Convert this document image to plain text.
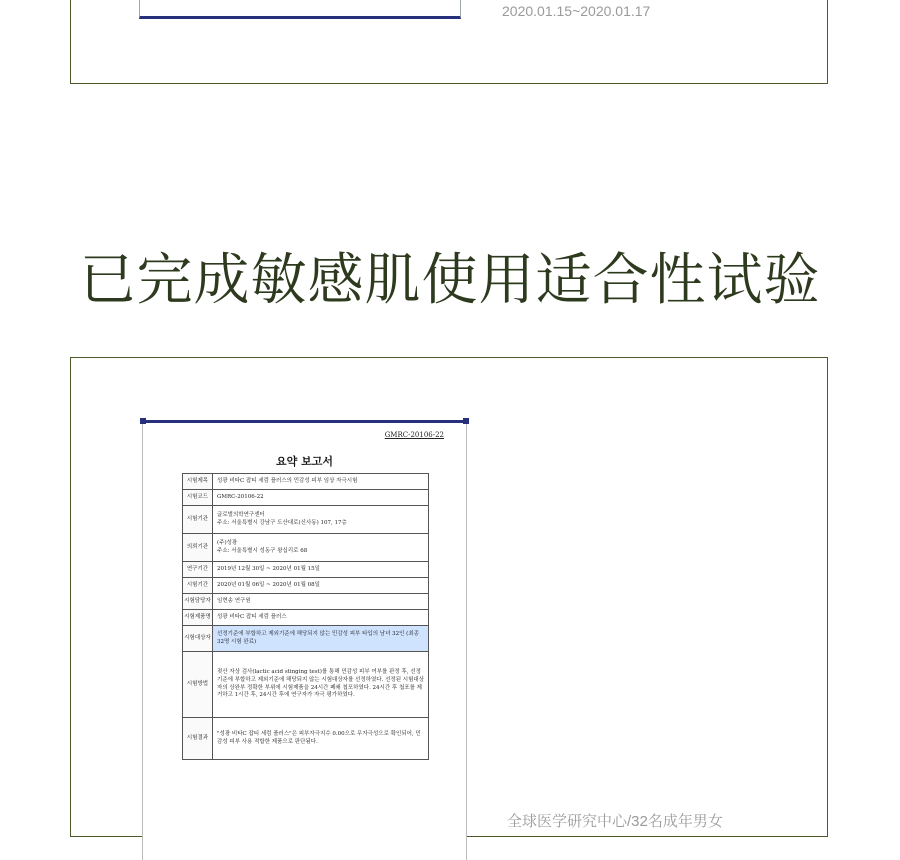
2020.01.15~2020.01.17
已完成敏感肌使用适合性试验
GMRC-20106-22
요약 보고서
시험제목	성광 비타C 잡티 세럼 플러스의 민감성 피부 임상 자극시험
시험코드	GMRC-20106-22
시험기관	글로벌의학연구센터
주소: 서울특별시 강남구 도산대로(신사동) 107, 17층

의뢰기관	(주)성광
주소: 서울특별시 성동구 왕십리로 68

연구기간	2019년 12월 30일 ~ 2020년 01월 15일
시험기간	2020년 01월 06일 ~ 2020년 01월 08일
시험담당자	임현송 연구원
시험제품명	성광 비타C 잡티 세럼 플러스
시험대상자	선정기준에 부합하고 제외기준에 해당되지 않는 민감성 피부 타입의 남녀 32인 (최종 32명 시험 완료)
시험방법	젖산 자상 검사(lactic acid stinging test)를 통해 민감성 피부 여부를 판정 후, 선정기준에 부합하고 제외기준에 해당되지 않는 시험대상자를 선정하였다. 선정된 시험대상자의 상완부 정확한 부위에 시험제품을 24시간 폐쇄 첩포하였다. 24시간 후 첩포를 제거하고 1시간 후, 24시간 후에 연구자가 자극 평가하였다.
시험결과	"성광 비타C 잡티 세럼 플러스"은 피부자극지수 0.00으로 무자극성으로 확인되어, 민감성 피부 사용 적합한 제품으로 판단됨다.
全球医学研究中心/32名成年男女
